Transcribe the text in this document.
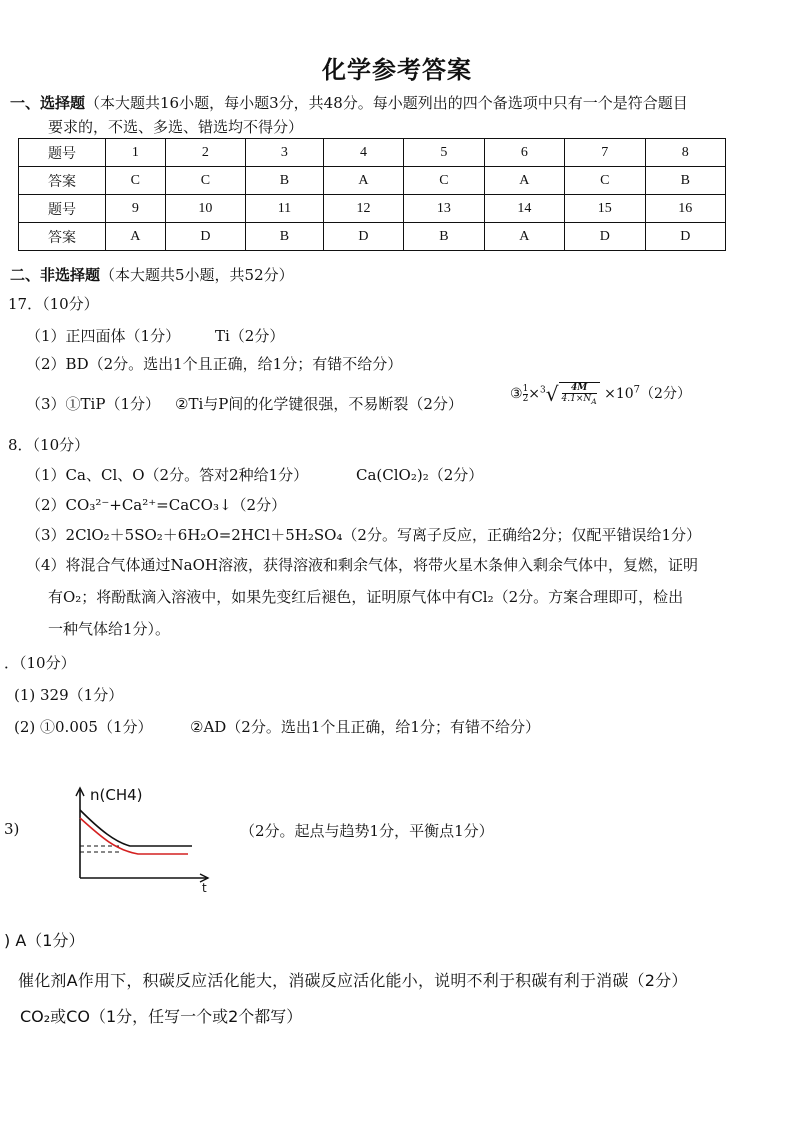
化学参考答案
一、选择题（本大题共16小题，每小题3分，共48分。每小题列出的四个备选项中只有一个是符合题目
要求的，不选、多选、错选均不得分）
题号	1	2	3	4	5	6	7	8
答案	C	C	B	A	C	A	C	B
题号	9	10	11	12	13	14	15	16
答案	A	D	B	D	B	A	D	D
二、非选择题（本大题共5小题，共52分）
17．（10分）
（1）正四面体（1分） Ti（2分）
（2）BD（2分。选出1个且正确，给1分；有错不给分）
（3）①TiP（1分） ②Ti与P间的化学键很强，不易断裂（2分）
③ $\frac{1}{2} \times^3√ \frac{4M}{4.1\times N_A} \times 10^7(2$分）
8．（10分）
（1）Ca、Cl、O（2分。答对2种给1分）	Ca(ClO₂)₂（2分）
（2）CO₃²⁻+Ca²⁺=CaCO₃↓（2分）
（3）2ClO₂＋5SO₂＋6H₂O=2HCl＋5H₂SO₄（2分。写离子反应，正确给2分；仅配平错误给1分）
（4）将混合气体通过NaOH溶液，获得溶液和剩余气体，将带火星木条伸入剩余气体中，复燃，证明
有O₂；将酚酞滴入溶液中，如果先变红后褪色，证明原气体中有Cl₂（2分。方案合理即可，检出
一种气体给1分）。
．（10分）
(1) 329（1分）
(2) ①0.005（1分） ②AD（2分。选出1个且正确，给1分；有错不给分）
3)
n(CH4)
t
（2分。起点与趋势1分，平衡点1分）
) A（1分）
催化剂A作用下，积碳反应活化能大，消碳反应活化能小，说明不利于积碳有利于消碳（2分）
CO₂或CO（1分，任写一个或2个都写）
